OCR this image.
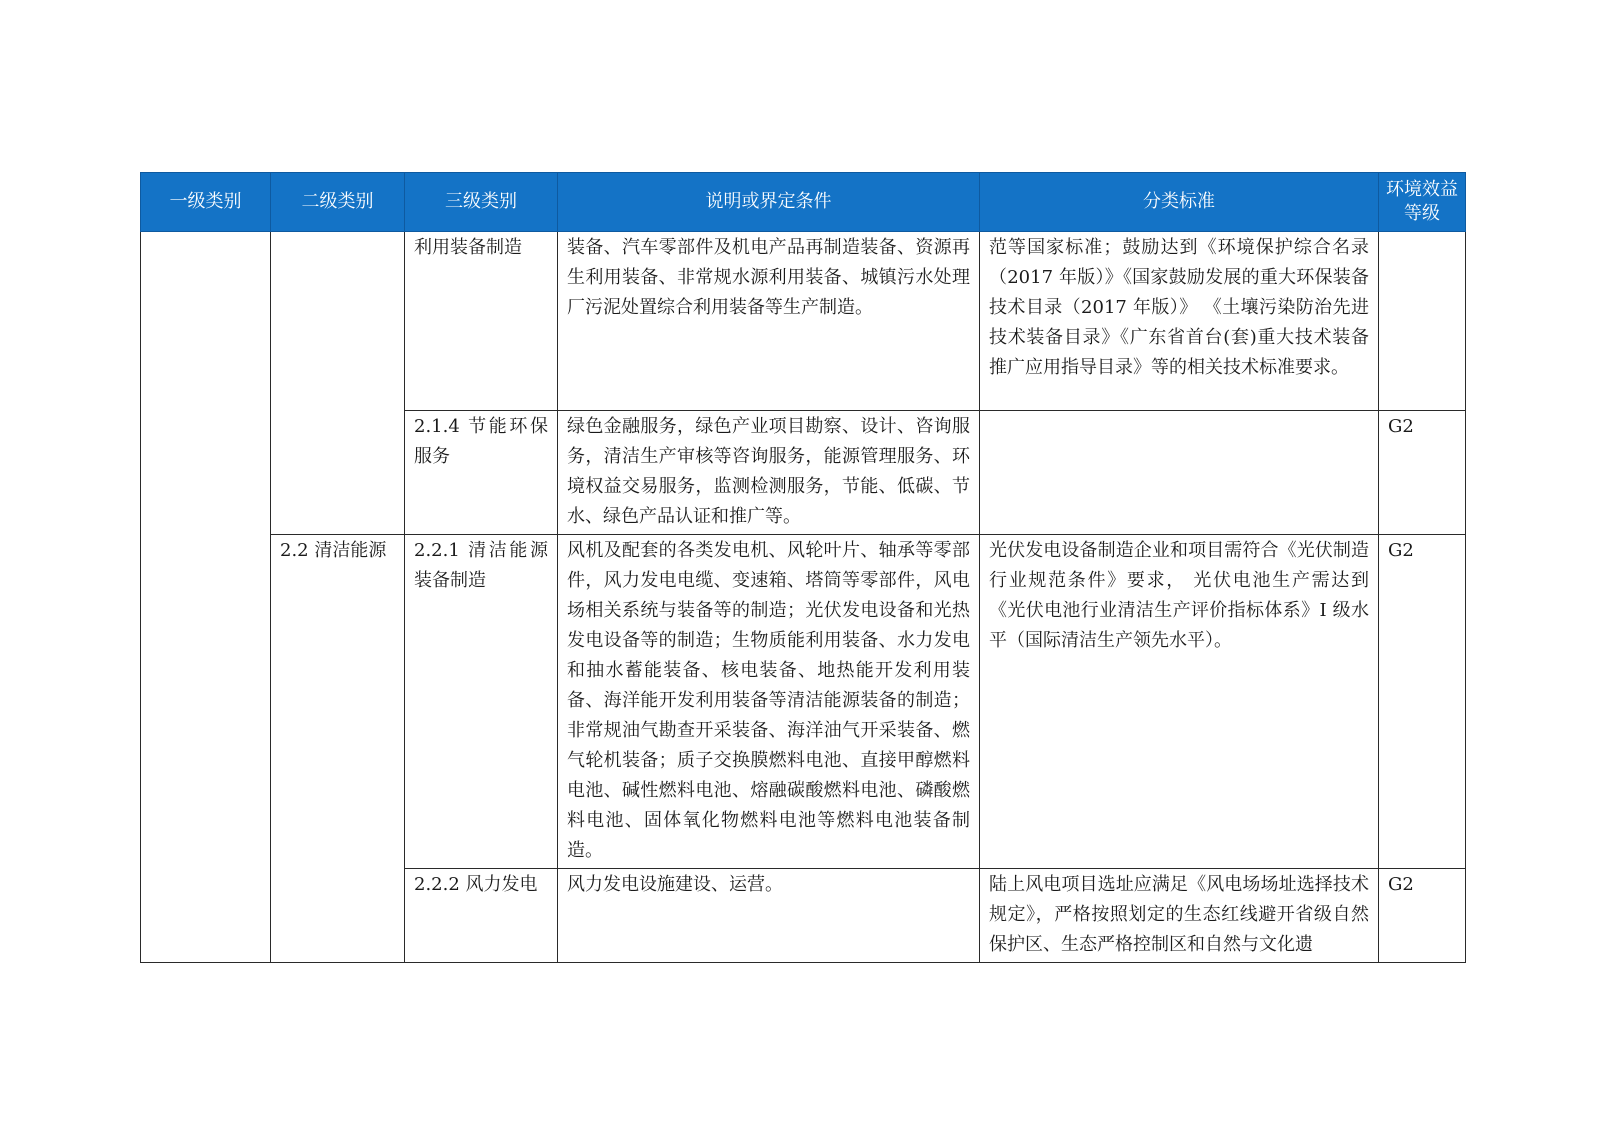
一级类别	二级类别	三级类别	说明或界定条件	分类标准	环境效益等级
		利用装备制造	装备、汽车零部件及机电产品再制造装备、资源再生利用装备、非常规水源利用装备、城镇污水处理厂污泥处置综合利用装备等生产制造。	范等国家标准；鼓励达到《环境保护综合名录（2017 年版）》《国家鼓励发展的重大环保装备技术目录（2017 年版）》 《土壤污染防治先进技术装备目录》《广东省首台(套)重大技术装备推广应用指导目录》等的相关技术标准要求。	
		2.1.4 节能环保服务	绿色金融服务，绿色产业项目勘察、设计、咨询服务，清洁生产审核等咨询服务，能源管理服务、环境权益交易服务，监测检测服务，节能、低碳、节水、绿色产品认证和推广等。		G2
	2.2 清洁能源	2.2.1 清洁能源装备制造	风机及配套的各类发电机、风轮叶片、轴承等零部件，风力发电电缆、变速箱、塔筒等零部件，风电场相关系统与装备等的制造；光伏发电设备和光热发电设备等的制造；生物质能利用装备、水力发电和抽水蓄能装备、核电装备、地热能开发利用装备、海洋能开发利用装备等清洁能源装备的制造；非常规油气勘查开采装备、海洋油气开采装备、燃气轮机装备；质子交换膜燃料电池、直接甲醇燃料电池、碱性燃料电池、熔融碳酸燃料电池、磷酸燃料电池、固体氧化物燃料电池等燃料电池装备制造。	光伏发电设备制造企业和项目需符合《光伏制造行业规范条件》要求， 光伏电池生产需达到《光伏电池行业清洁生产评价指标体系》I 级水平（国际清洁生产领先水平）。	G2
		2.2.2 风力发电	风力发电设施建设、运营。	陆上风电项目选址应满足《风电场场址选择技术规定》，严格按照划定的生态红线避开省级自然保护区、生态严格控制区和自然与文化遗	G2
